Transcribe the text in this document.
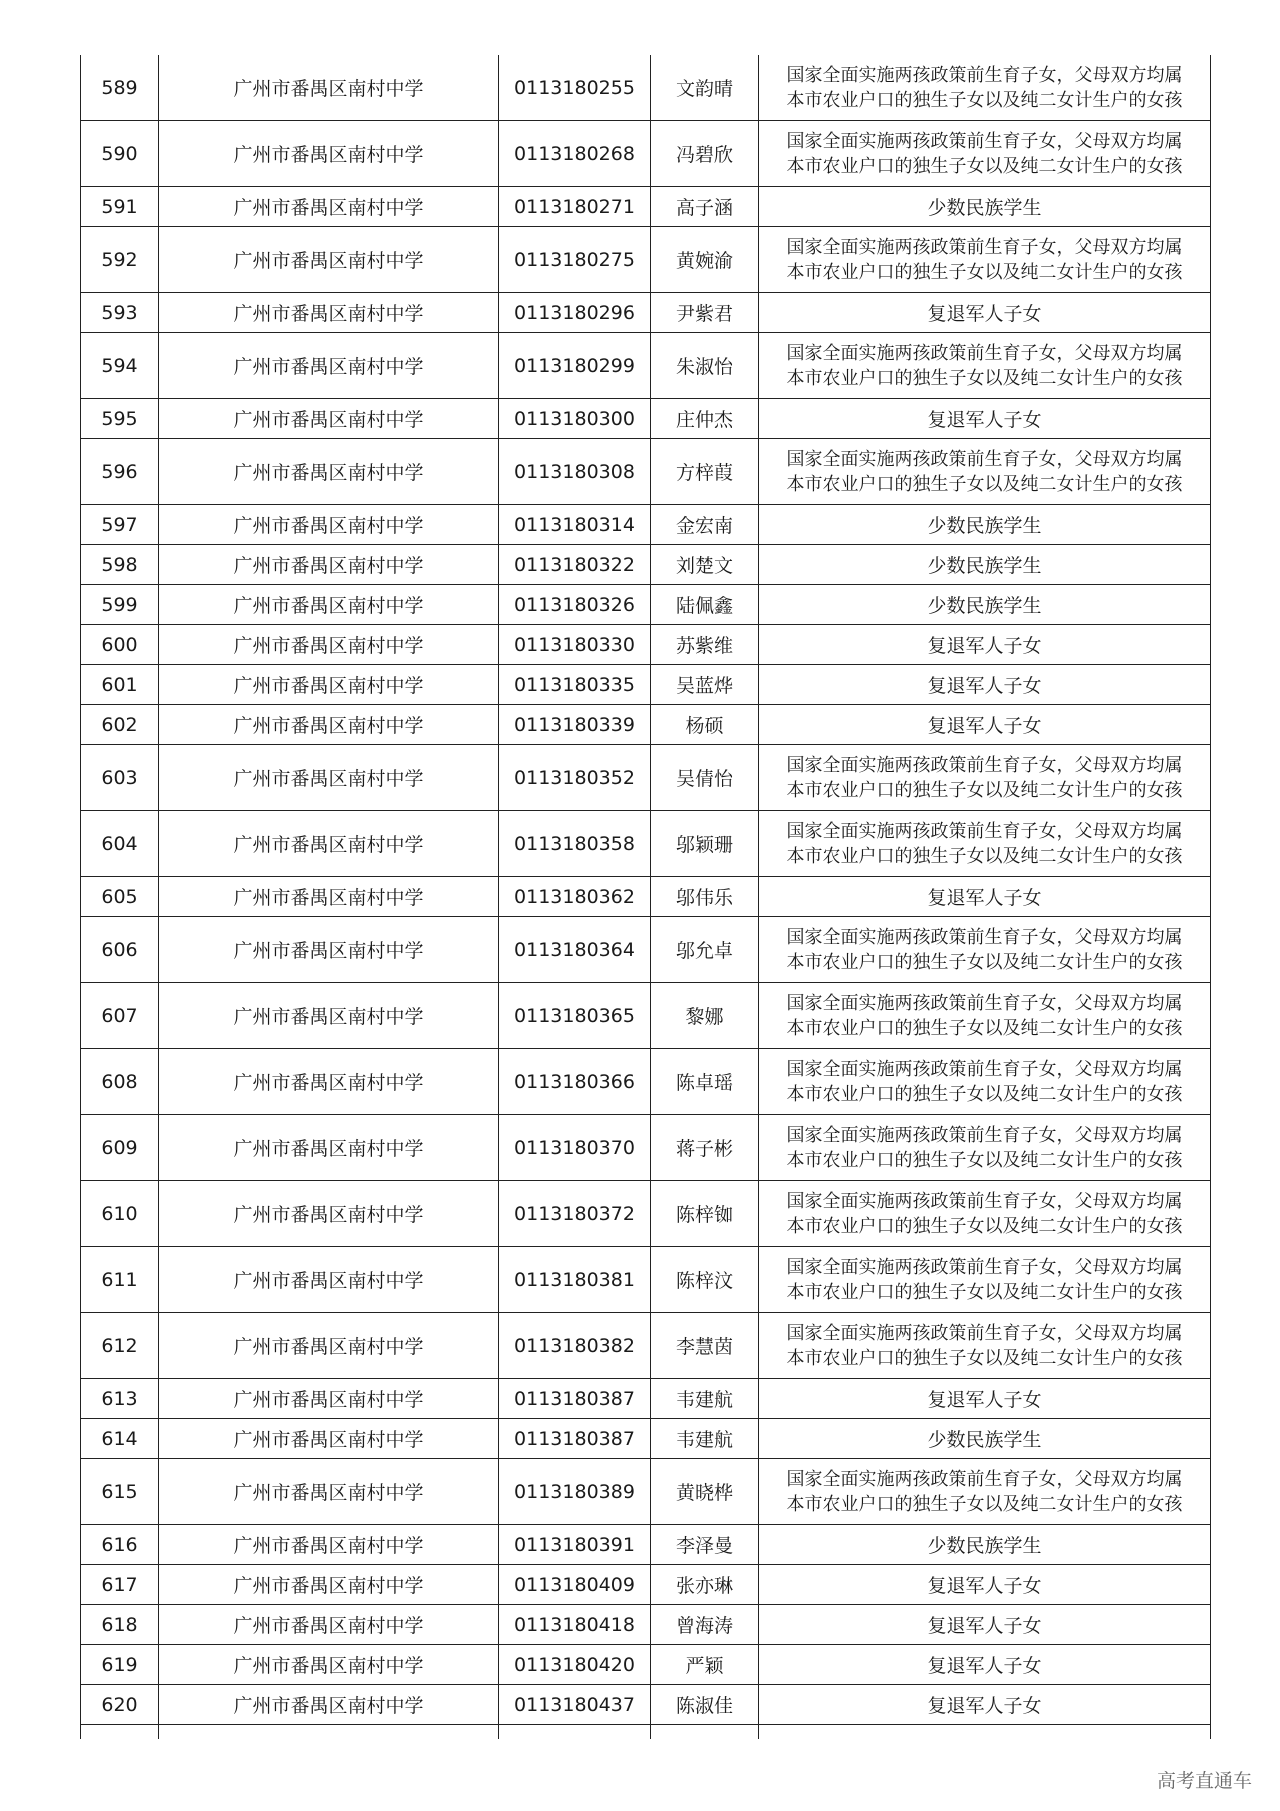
589	广州市番禺区南村中学	0113180255	文韵晴	国家全面实施两孩政策前生育子女，父母双方均属
本市农业户口的独生子女以及纯二女计生户的女孩

590	广州市番禺区南村中学	0113180268	冯碧欣	国家全面实施两孩政策前生育子女，父母双方均属
本市农业户口的独生子女以及纯二女计生户的女孩

591	广州市番禺区南村中学	0113180271	高子涵	少数民族学生
592	广州市番禺区南村中学	0113180275	黄婉渝	国家全面实施两孩政策前生育子女，父母双方均属
本市农业户口的独生子女以及纯二女计生户的女孩

593	广州市番禺区南村中学	0113180296	尹紫君	复退军人子女
594	广州市番禺区南村中学	0113180299	朱淑怡	国家全面实施两孩政策前生育子女，父母双方均属
本市农业户口的独生子女以及纯二女计生户的女孩

595	广州市番禺区南村中学	0113180300	庄仲杰	复退军人子女
596	广州市番禺区南村中学	0113180308	方梓葭	国家全面实施两孩政策前生育子女，父母双方均属
本市农业户口的独生子女以及纯二女计生户的女孩

597	广州市番禺区南村中学	0113180314	金宏南	少数民族学生
598	广州市番禺区南村中学	0113180322	刘楚文	少数民族学生
599	广州市番禺区南村中学	0113180326	陆佩鑫	少数民族学生
600	广州市番禺区南村中学	0113180330	苏紫维	复退军人子女
601	广州市番禺区南村中学	0113180335	吴蓝烨	复退军人子女
602	广州市番禺区南村中学	0113180339	杨硕	复退军人子女
603	广州市番禺区南村中学	0113180352	吴倩怡	国家全面实施两孩政策前生育子女，父母双方均属
本市农业户口的独生子女以及纯二女计生户的女孩

604	广州市番禺区南村中学	0113180358	邬颖珊	国家全面实施两孩政策前生育子女，父母双方均属
本市农业户口的独生子女以及纯二女计生户的女孩

605	广州市番禺区南村中学	0113180362	邬伟乐	复退军人子女
606	广州市番禺区南村中学	0113180364	邬允卓	国家全面实施两孩政策前生育子女，父母双方均属
本市农业户口的独生子女以及纯二女计生户的女孩

607	广州市番禺区南村中学	0113180365	黎娜	国家全面实施两孩政策前生育子女，父母双方均属
本市农业户口的独生子女以及纯二女计生户的女孩

608	广州市番禺区南村中学	0113180366	陈卓瑶	国家全面实施两孩政策前生育子女，父母双方均属
本市农业户口的独生子女以及纯二女计生户的女孩

609	广州市番禺区南村中学	0113180370	蒋子彬	国家全面实施两孩政策前生育子女，父母双方均属
本市农业户口的独生子女以及纯二女计生户的女孩

610	广州市番禺区南村中学	0113180372	陈梓铷	国家全面实施两孩政策前生育子女，父母双方均属
本市农业户口的独生子女以及纯二女计生户的女孩

611	广州市番禺区南村中学	0113180381	陈梓汶	国家全面实施两孩政策前生育子女，父母双方均属
本市农业户口的独生子女以及纯二女计生户的女孩

612	广州市番禺区南村中学	0113180382	李慧茵	国家全面实施两孩政策前生育子女，父母双方均属
本市农业户口的独生子女以及纯二女计生户的女孩

613	广州市番禺区南村中学	0113180387	韦建航	复退军人子女
614	广州市番禺区南村中学	0113180387	韦建航	少数民族学生
615	广州市番禺区南村中学	0113180389	黄晓桦	国家全面实施两孩政策前生育子女，父母双方均属
本市农业户口的独生子女以及纯二女计生户的女孩

616	广州市番禺区南村中学	0113180391	李泽曼	少数民族学生
617	广州市番禺区南村中学	0113180409	张亦琳	复退军人子女
618	广州市番禺区南村中学	0113180418	曾海涛	复退军人子女
619	广州市番禺区南村中学	0113180420	严颖	复退军人子女
620	广州市番禺区南村中学	0113180437	陈淑佳	复退军人子女

高考直通车
